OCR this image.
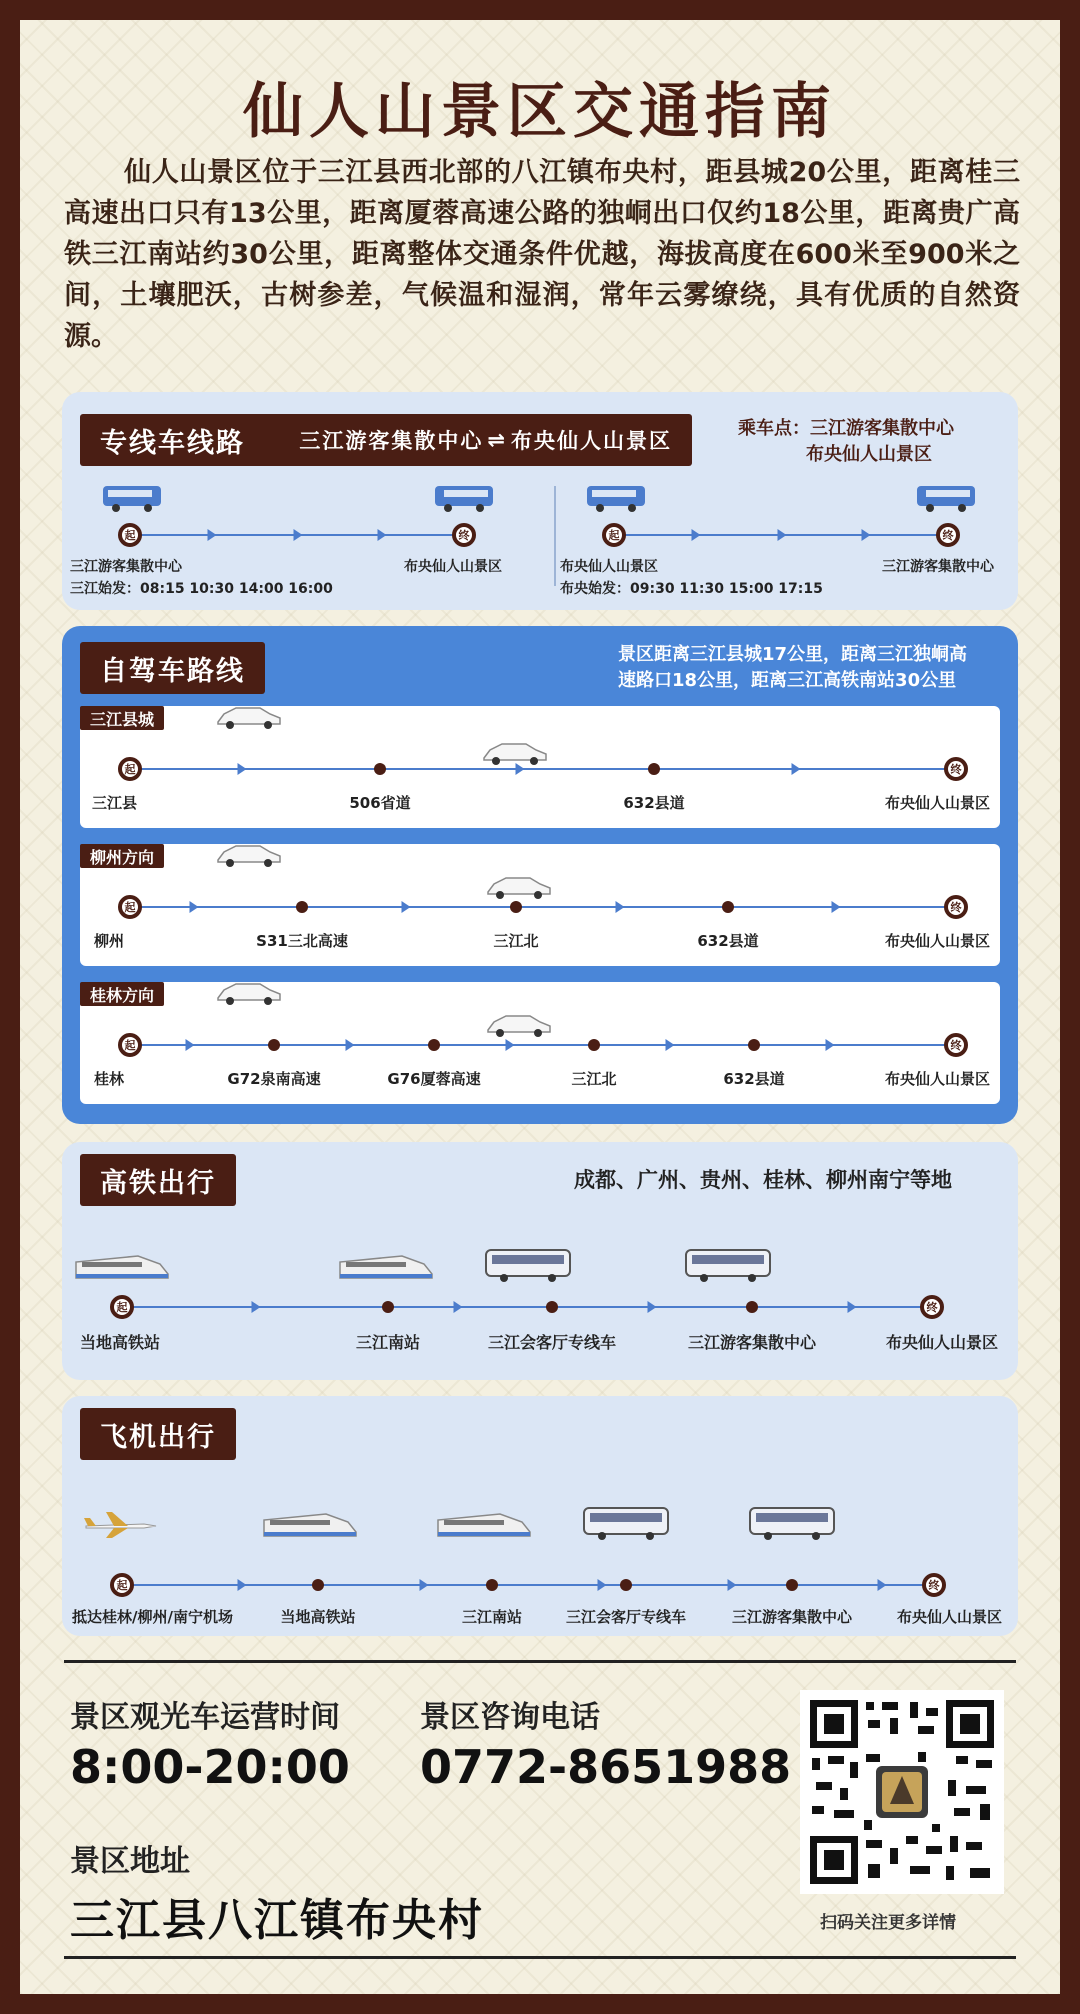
仙人山景区交通指南

仙人山景区位于三江县西北部的八江镇布央村，距县城20公里，距离桂三高速出口只有13公里，距离厦蓉高速公路的独峒出口仅约18公里，距离贵广高铁三江南站约30公里，距离整体交通条件优越，海拔高度在600米至900米之间，土壤肥沃，古树参差，气候温和湿润，常年云雾缭绕，具有优质的自然资源。

专线车线路	三江游客集散中心 ⇌ 布央仙人山景区
乘车点：三江游客集散中心
布央仙人山景区
起	终
三江游客集散中心	布央仙人山景区
三江始发：08:15 10:30 14:00 16:00
起	终
布央仙人山景区	三江游客集散中心
布央始发：09:30 11:30 15:00 17:15
自驾车路线
景区距离三江县城17公里，距离三江独峒高
速路口18公里，距离三江高铁南站30公里
起	终
三江县	506省道	632县道	布央仙人山景区
三江县城
起	终
柳州	S31三北高速	三江北	632县道	布央仙人山景区
柳州方向
起	终
桂林	G72泉南高速	G76厦蓉高速	三江北	632县道	布央仙人山景区
桂林方向
高铁出行	成都、广州、贵州、桂林、柳州南宁等地
起	终
当地高铁站	三江南站	三江会客厅专线车	三江游客集散中心	布央仙人山景区
飞机出行
起	终
抵达桂林/柳州/南宁机场	当地高铁站	三江南站	三江会客厅专线车	三江游客集散中心	布央仙人山景区
景区观光车运营时间
8:00-20:00
景区咨询电话
0772-8651988
景区地址
三江县八江镇布央村	扫码关注更多详情
